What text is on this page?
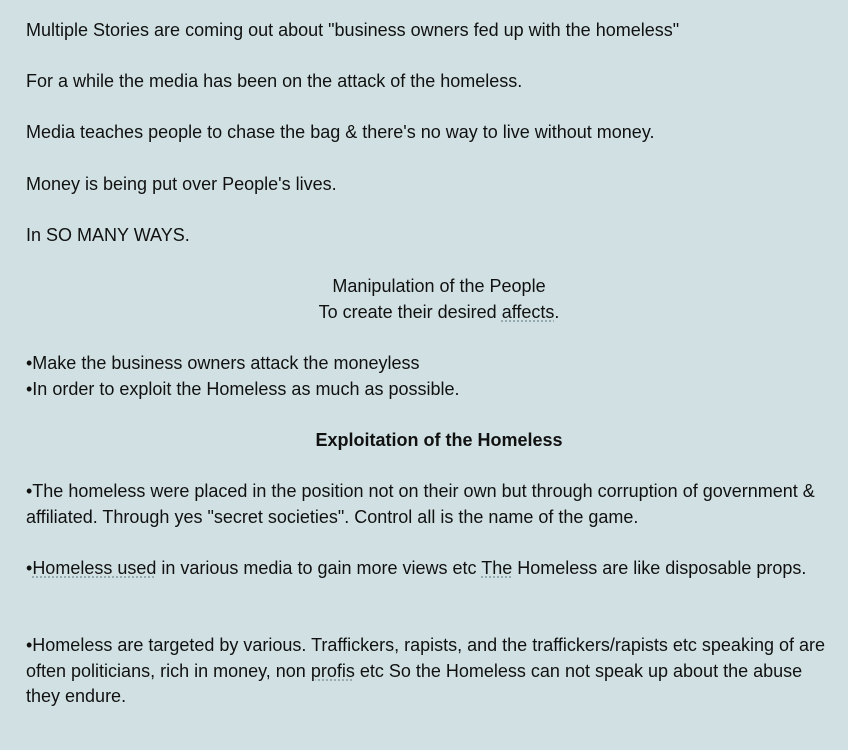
Multiple Stories are coming out about "business owners fed up with the homeless"
For a while the media has been on the attack of the homeless.
Media teaches people to chase the bag & there's no way to live without money.
Money is being put over People's lives.
In SO MANY WAYS.
Manipulation of the People
To create their desired affects.
•Make the business owners attack the moneyless
•In order to exploit the Homeless as much as possible.
Exploitation of the Homeless
•The homeless were placed in the position not on their own but through corruption of government & affiliated. Through yes "secret societies". Control all is the name of the game.
•Homeless used in various media to gain more views etc The Homeless are like disposable props.
•Homeless are targeted by various. Traffickers, rapists, and the traffickers/rapists etc speaking of are often politicians, rich in money, non profis etc So the Homeless can not speak up about the abuse they endure.
